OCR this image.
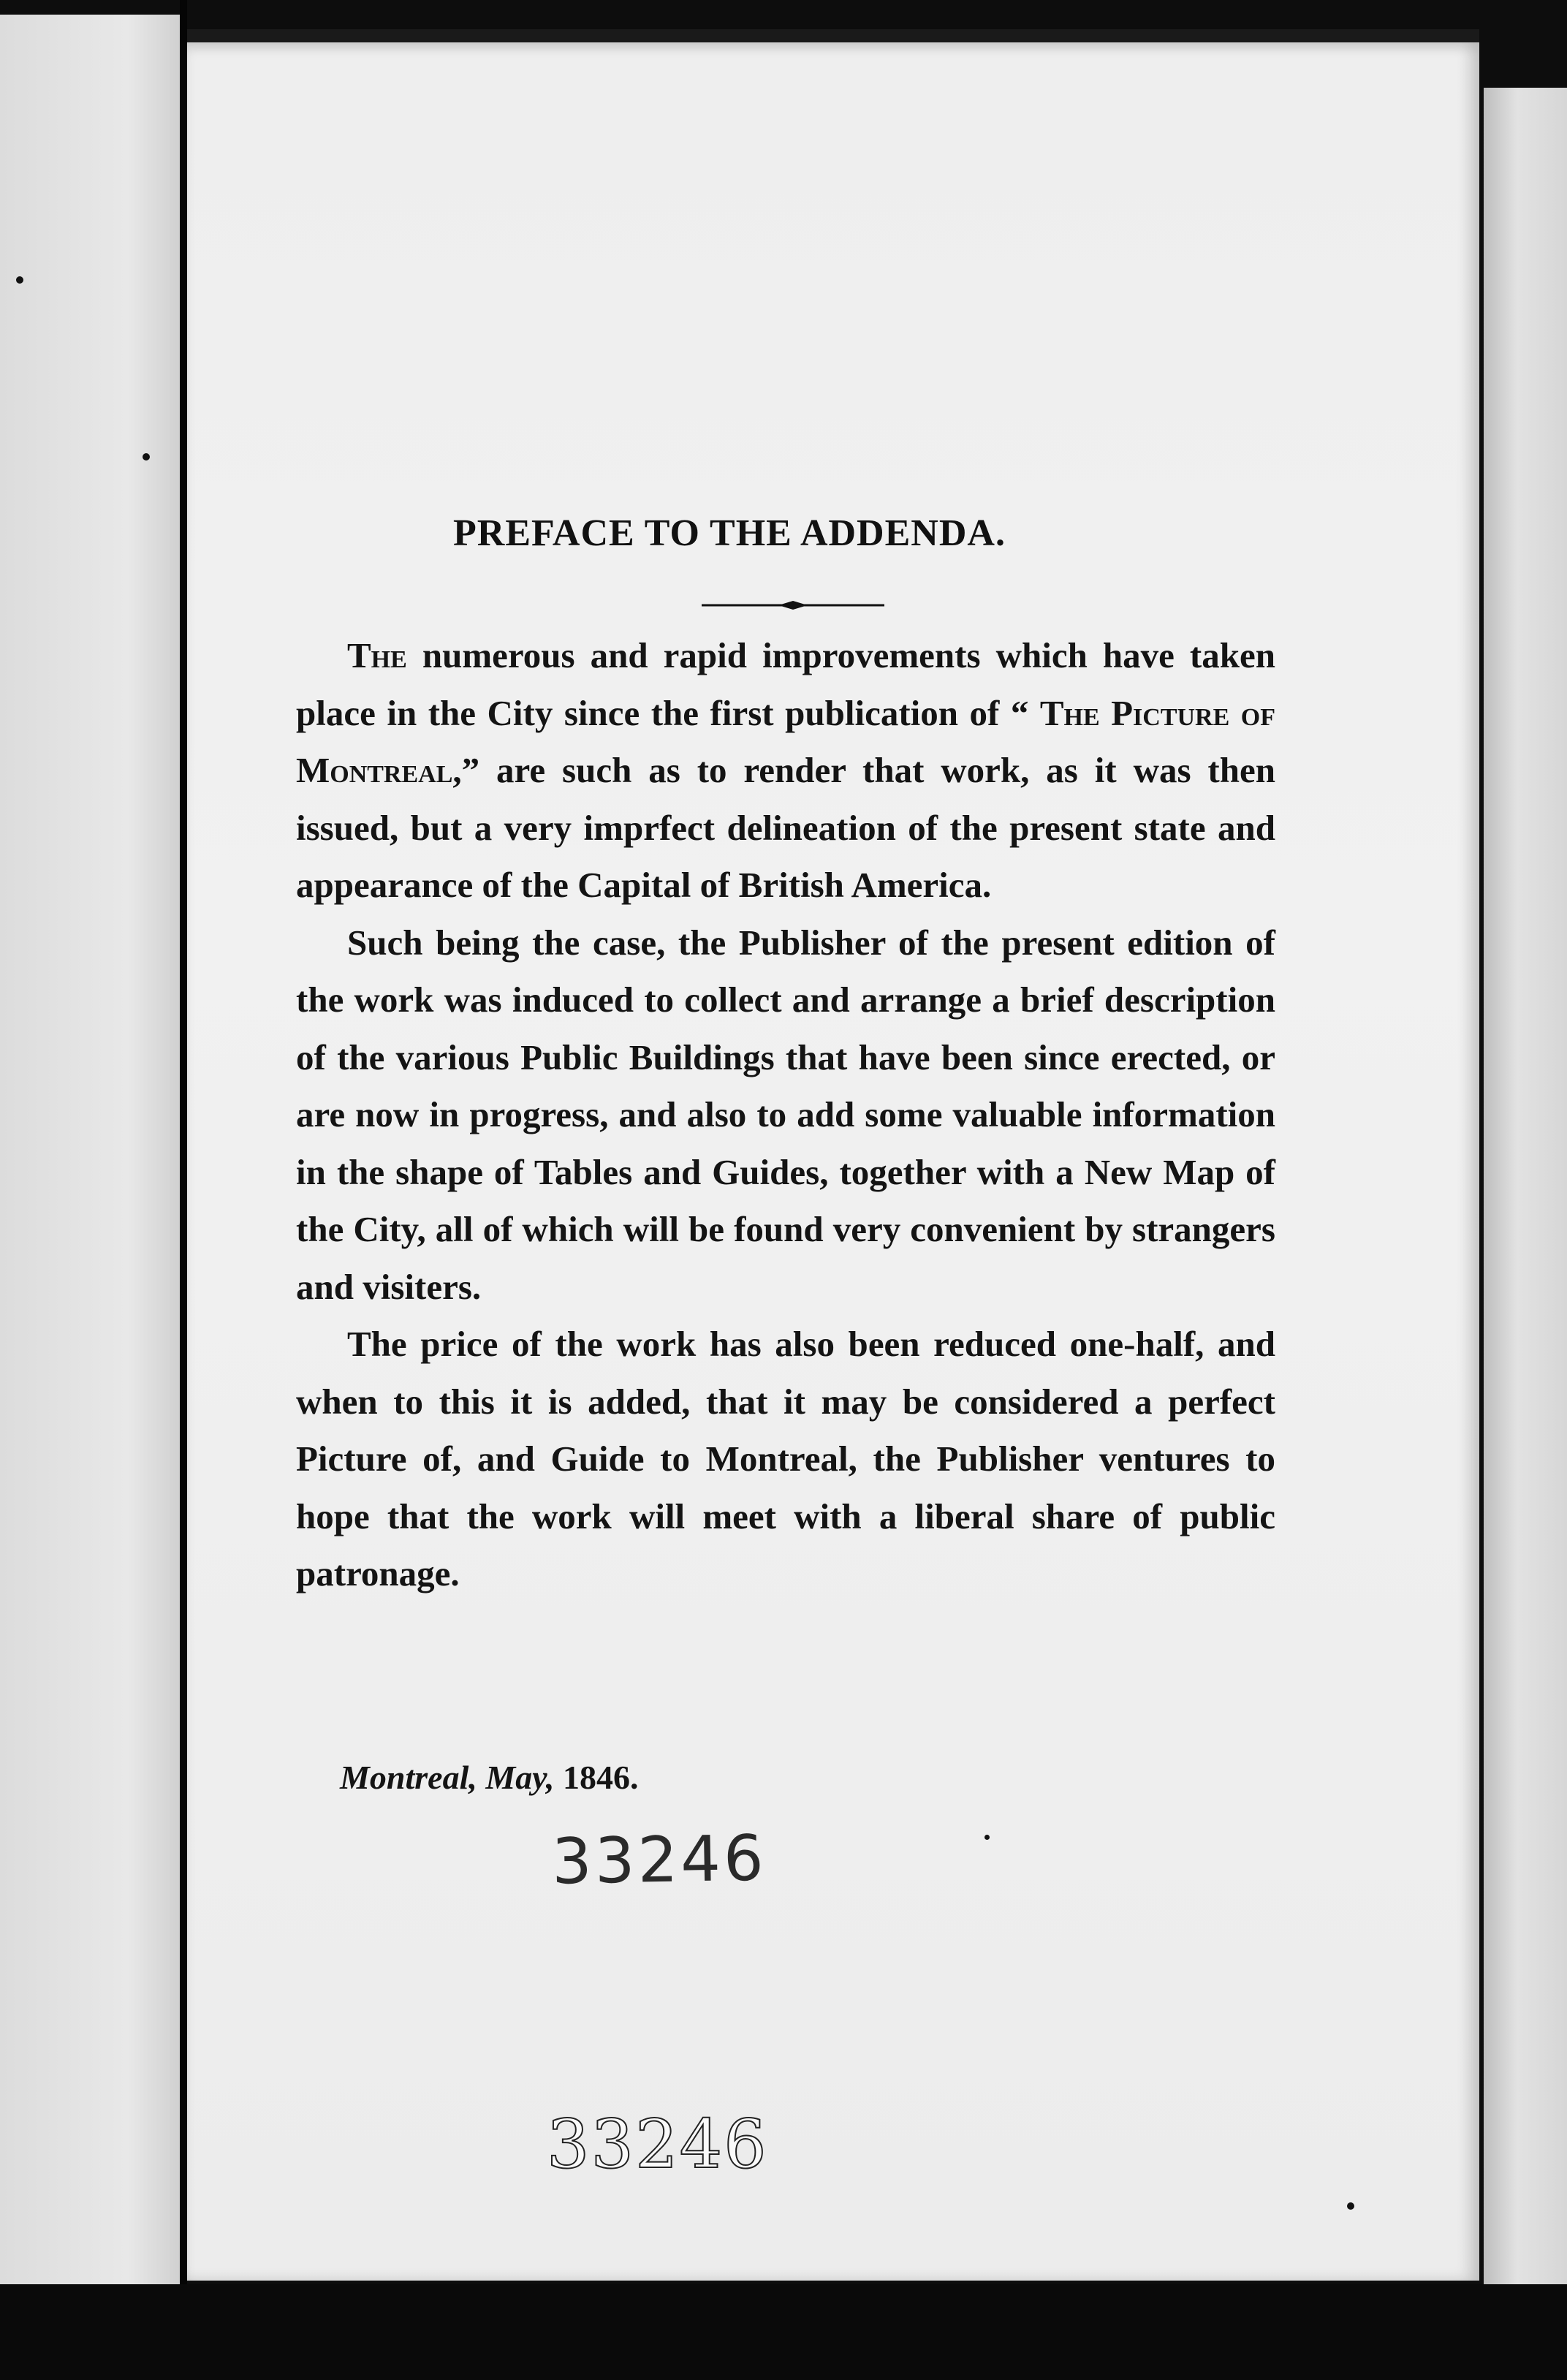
PREFACE TO THE ADDENDA.

The numerous and rapid improvements which have taken place in the City since the first publication of “ The Picture of Montreal,” are such as to render that work, as it was then issued, but a very imprfect delineation of the present state and appearance of the Capital of British America.

Such being the case, the Publisher of the present edition of the work was induced to collect and arrange a brief description of the various Public Buildings that have been since erected, or are now in progress, and also to add some valuable information in the shape of Tables and Guides, together with a New Map of the City, all of which will be found very convenient by strangers and visiters.

The price of the work has also been reduced one-half, and when to this it is added, that it may be considered a perfect Picture of, and Guide to Montreal, the Publisher ventures to hope that the work will meet with a liberal share of public patronage.

Montreal, May, 1846.
33246
33246
